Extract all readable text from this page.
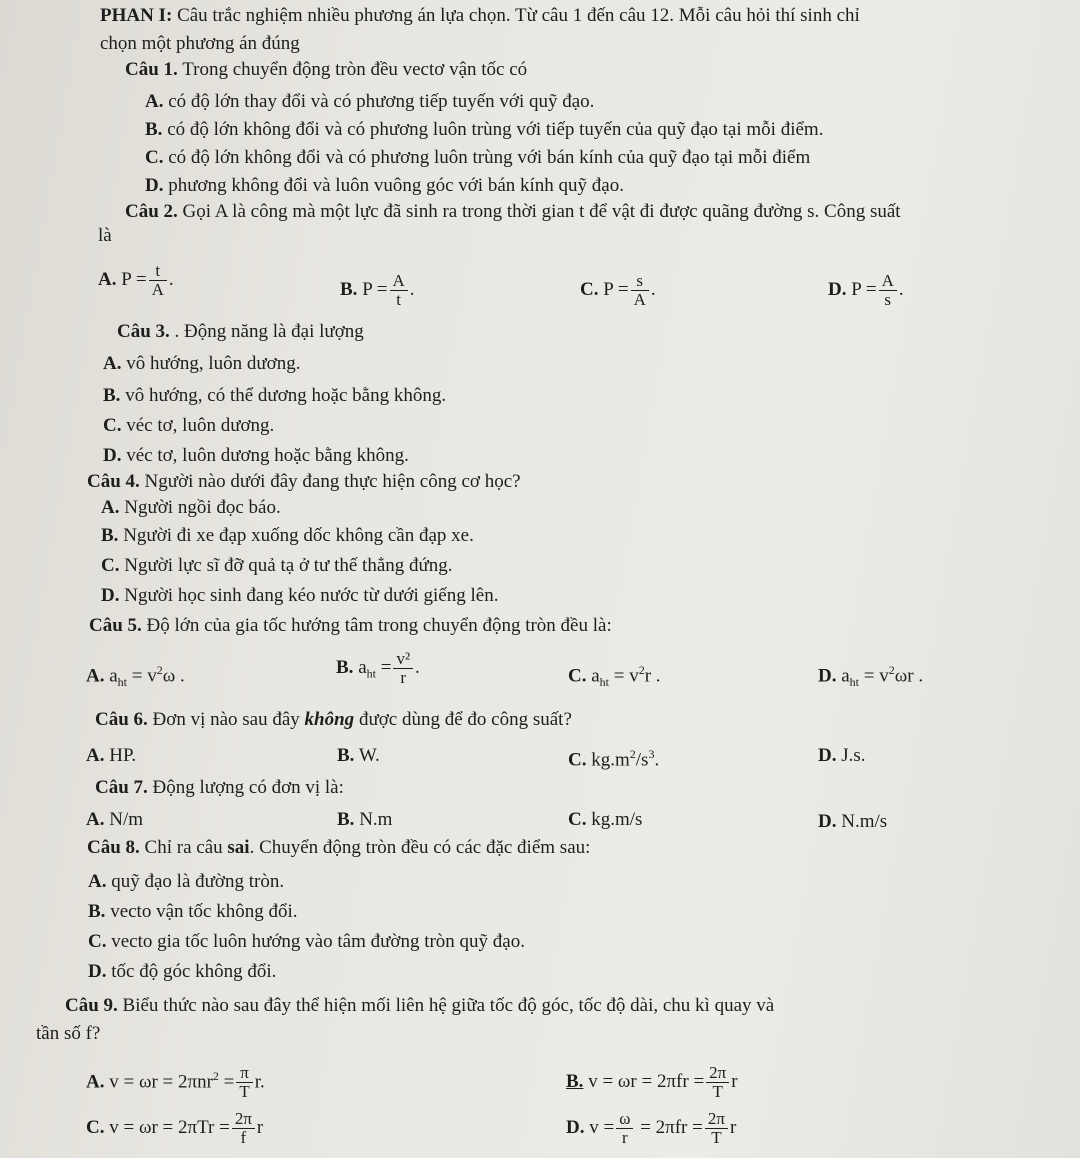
PHAN I: Câu trắc nghiệm nhiều phương án lựa chọn. Từ câu 1 đến câu 12. Mỗi câu hỏi thí sinh chỉ
chọn một phương án đúng
Câu 1. Trong chuyển động tròn đều vectơ vận tốc có
A. có độ lớn thay đổi và có phương tiếp tuyến với quỹ đạo.
B. có độ lớn không đổi và có phương luôn trùng với tiếp tuyến của quỹ đạo tại mỗi điểm.
C. có độ lớn không đổi và có phương luôn trùng với bán kính của quỹ đạo tại mỗi điểm
D. phương không đổi và luôn vuông góc với bán kính quỹ đạo.
Câu 2. Gọi A là công mà một lực đã sinh ra trong thời gian t để vật đi được quãng đường s. Công suất
là
A. $P = \frac{t}{A}$ .	B. $P = \frac{A}{t}$ .	C. $P = \frac{s}{A}$ .	D. $P = \frac{A}{s}$ .
Câu 3. . Động năng là đại lượng
A. vô hướng, luôn dương.
B. vô hướng, có thể dương hoặc bằng không.
C. véc tơ, luôn dương.
D. véc tơ, luôn dương hoặc bằng không.
Câu 4. Người nào dưới đây đang thực hiện công cơ học?
A. Người ngồi đọc báo.
B. Người đi xe đạp xuống dốc không cần đạp xe.
C. Người lực sĩ đỡ quả tạ ở tư thế thẳng đứng.
D. Người học sinh đang kéo nước từ dưới giếng lên.
Câu 5. Độ lớn của gia tốc hướng tâm trong chuyển động tròn đều là:
A. $a_{ht} = v^2\omega$ .	B. $a_{ht} = \frac{\text{v²}}{r}$ .	C. $a_{ht} = v^2r$ .	D. $a_{ht} = v^2\omega r$ .
Câu 6. Đơn vị nào sau đây không được dùng để đo công suất?
A. HP.	B. W.	C. $kg.m^2/s^3$.	D. J.s.
Câu 7. Động lượng có đơn vị là:
A. N/m	B. N.m	C. kg.m/s	D. N.m/s
Câu 8. Chỉ ra câu sai. Chuyển động tròn đều có các đặc điểm sau:
A. quỹ đạo là đường tròn.
B. vecto vận tốc không đổi.
C. vecto gia tốc luôn hướng vào tâm đường tròn quỹ đạo.
D. tốc độ góc không đổi.
Câu 9. Biểu thức nào sau đây thể hiện mối liên hệ giữa tốc độ góc, tốc độ dài, chu kì quay và
tần số f?
A. $v = \omega r = 2\pi nr^2 = \frac{\pi}{T} r$.	B. $v = \omega r = 2\pi fr = \frac{2\pi}{T}$ r
C. $v = \omega r = 2\pi Tr = \frac{2\pi}{f}$ r	D. $v = \frac{\omega}{r} = 2\pi fr = \frac{2\pi}{T}$ r
